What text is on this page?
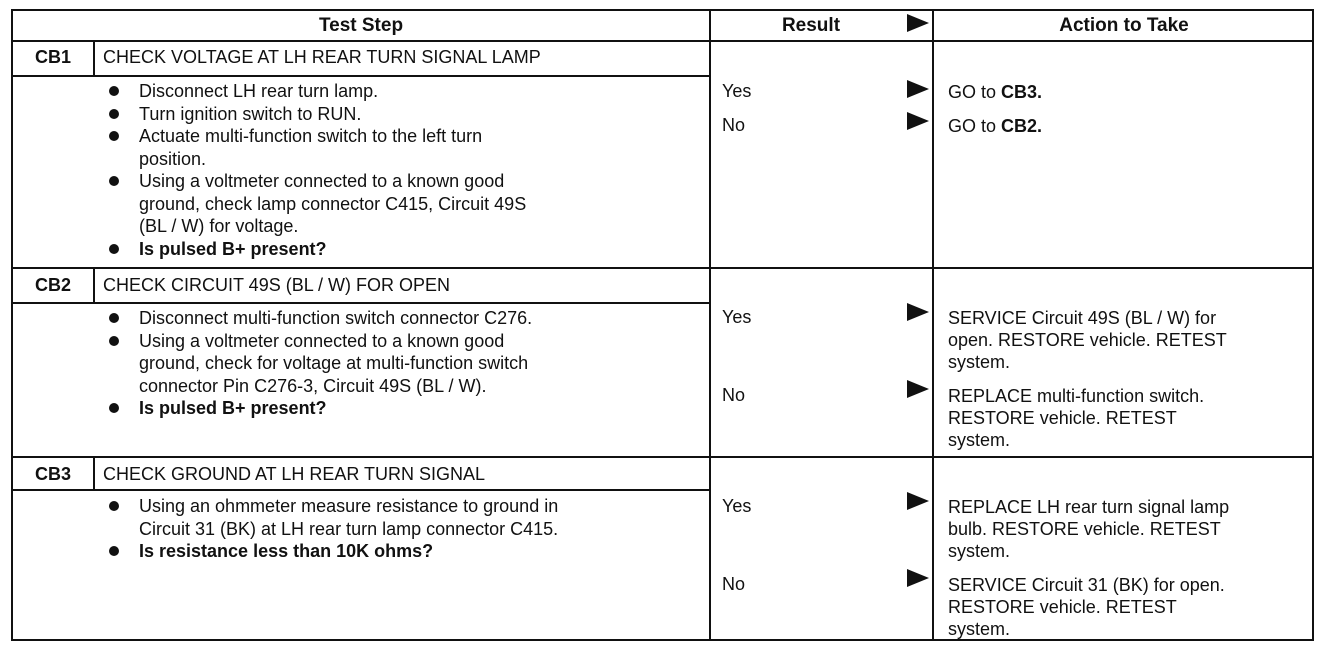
Test Step	Result	Action to Take
CB1	CHECK VOLTAGE AT LH REAR TURN SIGNAL LAMP
Disconnect LH rear turn lamp.
Turn ignition switch to RUN.
Actuate multi-function switch to the left turn
position.
Using a voltmeter connected to a known good
ground, check lamp connector C415, Circuit 49S
(BL / W) for voltage.
Is pulsed B+ present?
Yes	GO to CB3.
No	GO to CB2.
CB2	CHECK CIRCUIT 49S (BL / W) FOR OPEN
Disconnect multi-function switch connector C276.
Using a voltmeter connected to a known good
ground, check for voltage at multi-function switch
connector Pin C276-3, Circuit 49S (BL / W).
Is pulsed B+ present?
Yes	SERVICE Circuit 49S (BL / W) for
open. RESTORE vehicle. RETEST
system.
No	REPLACE multi-function switch.
RESTORE vehicle. RETEST
system.
CB3	CHECK GROUND AT LH REAR TURN SIGNAL
Using an ohmmeter measure resistance to ground in
Circuit 31 (BK) at LH rear turn lamp connector C415.
Is resistance less than 10K ohms?
Yes	REPLACE LH rear turn signal lamp
bulb. RESTORE vehicle. RETEST
system.
No	SERVICE Circuit 31 (BK) for open.
RESTORE vehicle. RETEST
system.
